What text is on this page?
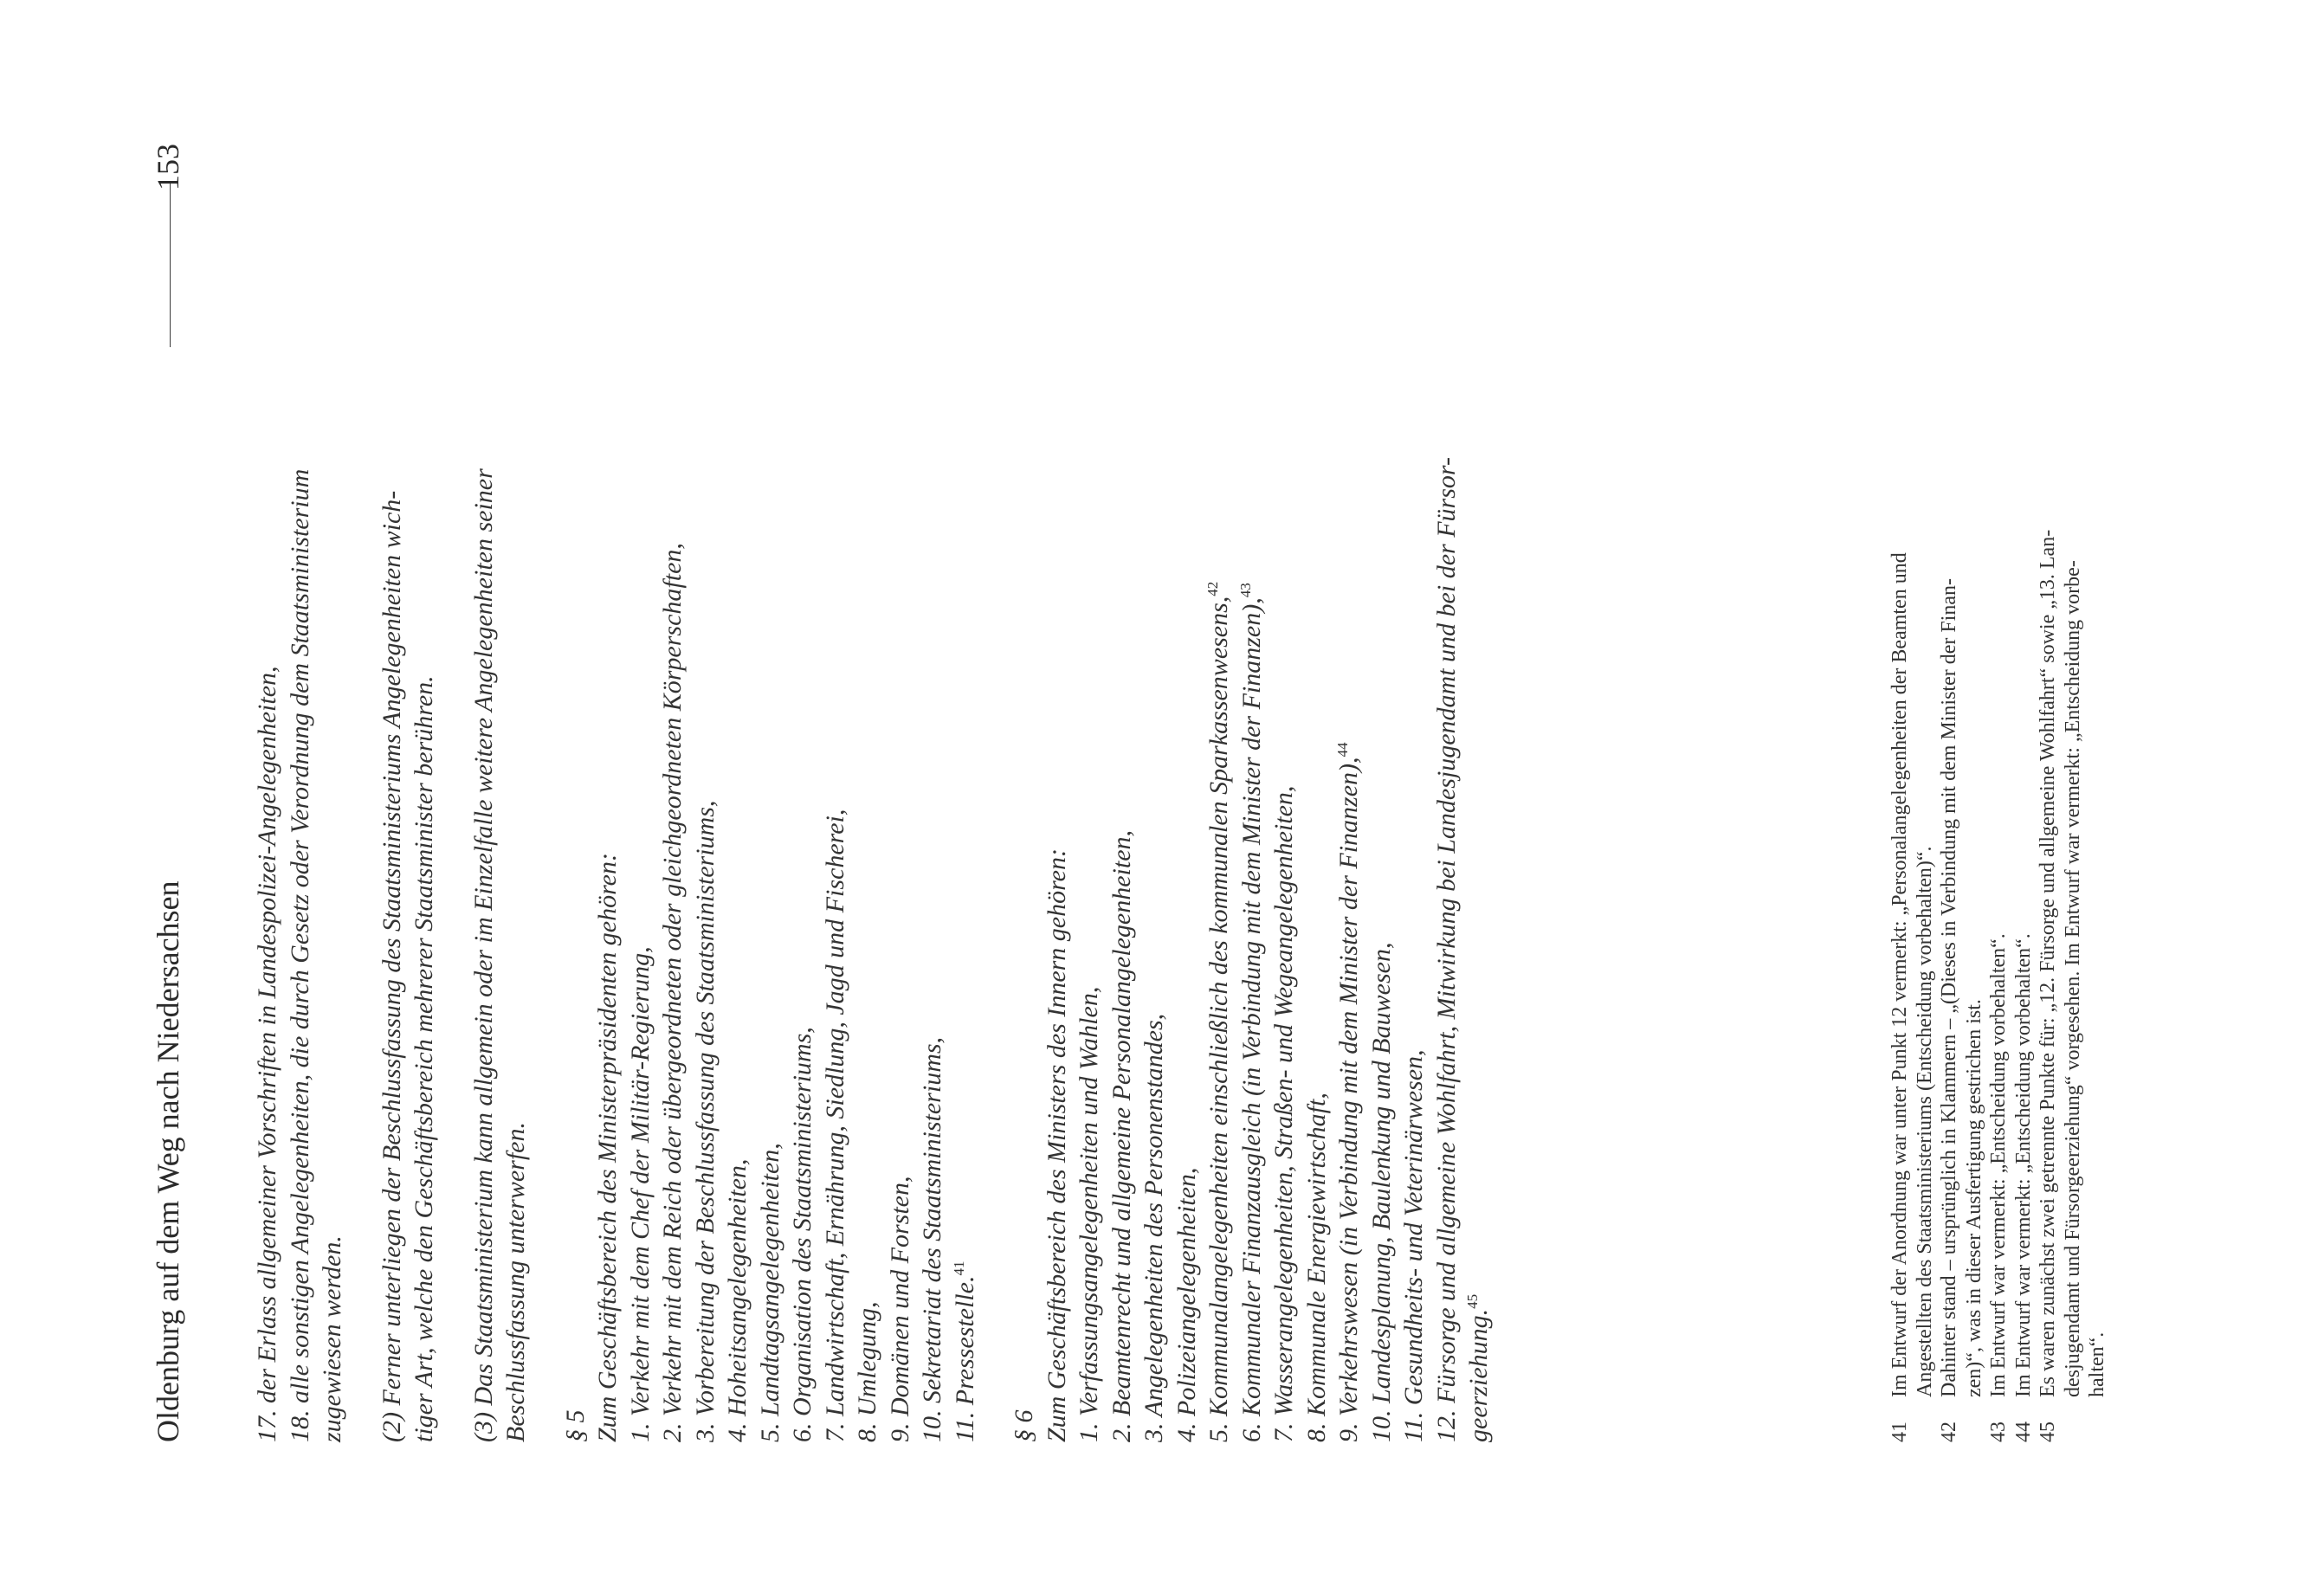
Oldenburg auf dem Weg nach Niedersachsen
153
17. der Erlass allgemeiner Vorschriften in Landespolizei-Angelegenheiten, 18. alle sonstigen Angelegenheiten, die durch Gesetz oder Verordnung dem Staatsministerium zugewiesen werden. (2) Ferner unterliegen der Beschlussfassung des Staatsministeriums Angelegenheiten wich- tiger Art, welche den Geschäftsbereich mehrerer Staatsminister berühren. (3) Das Staatsministerium kann allgemein oder im Einzelfalle weitere Angelegenheiten seiner Beschlussfassung unterwerfen. § 5 Zum Geschäftsbereich des Ministerpräsidenten gehören: 1. Verkehr mit dem Chef der Militär-Regierung, 2. Verkehr mit dem Reich oder übergeordneten oder gleichgeordneten Körperschaften, 3. Vorbereitung der Beschlussfassung des Staatsministeriums, 4. Hoheitsangelegenheiten, 5. Landtagsangelegenheiten, 6. Organisation des Staatsministeriums, 7. Landwirtschaft, Ernährung, Siedlung, Jagd und Fischerei, 8. Umlegung, 9. Domänen und Forsten, 10. Sekretariat des Staatsministeriums, 11. Pressestelle.$^{41}$
§ 6 Zum Geschäftsbereich des Ministers des Innern gehören: 1. Verfassungsangelegenheiten und Wahlen, 2. Beamtenrecht und allgemeine Personalangelegenheiten, 3. Angelegenheiten des Personenstandes, 4. Polizeiangelegenheiten, 5. Kommunalangelegenheiten einschließlich des kommunalen Sparkassenwesens,$^{42}$
6. Kommunaler Finanzausgleich (in Verbindung mit dem Minister der Finanzen),$^{43}$
7. Wasserangelegenheiten, Straßen- und Wegeangelegenheiten, 8. Kommunale Energiewirtschaft, 9. Verkehrswesen (in Verbindung mit dem Minister der Finanzen),$^{44}$
10. Landesplanung, Baulenkung und Bauwesen, 11. Gesundheits- und Veterinärwesen, 12. Fürsorge und allgemeine Wohlfahrt, Mitwirkung bei Landesjugendamt und bei der Fürsor- geerziehung.$^{45}$
41
Im Entwurf der Anordnung war unter Punkt 12 vermerkt: „Personalangelegenheiten der Beamten und Angestellten des Staatsministeriums (Entscheidung vorbehalten)“.
42
Dahinter stand – ursprünglich in Klammern – „(Dieses in Verbindung mit dem Minister der Finan- zen)“, was in dieser Ausfertigung gestrichen ist.
43
Im Entwurf war vermerkt: „Entscheidung vorbehalten“.
44
Im Entwurf war vermerkt: „Entscheidung vorbehalten“.
45
Es waren zunächst zwei getrennte Punkte für: „12. Fürsorge und allgemeine Wohlfahrt“ sowie „13. Lan- desjugendamt und Fürsorgeerziehung“ vorgesehen. Im Entwurf war vermerkt: „Entscheidung vorbe- halten“.
